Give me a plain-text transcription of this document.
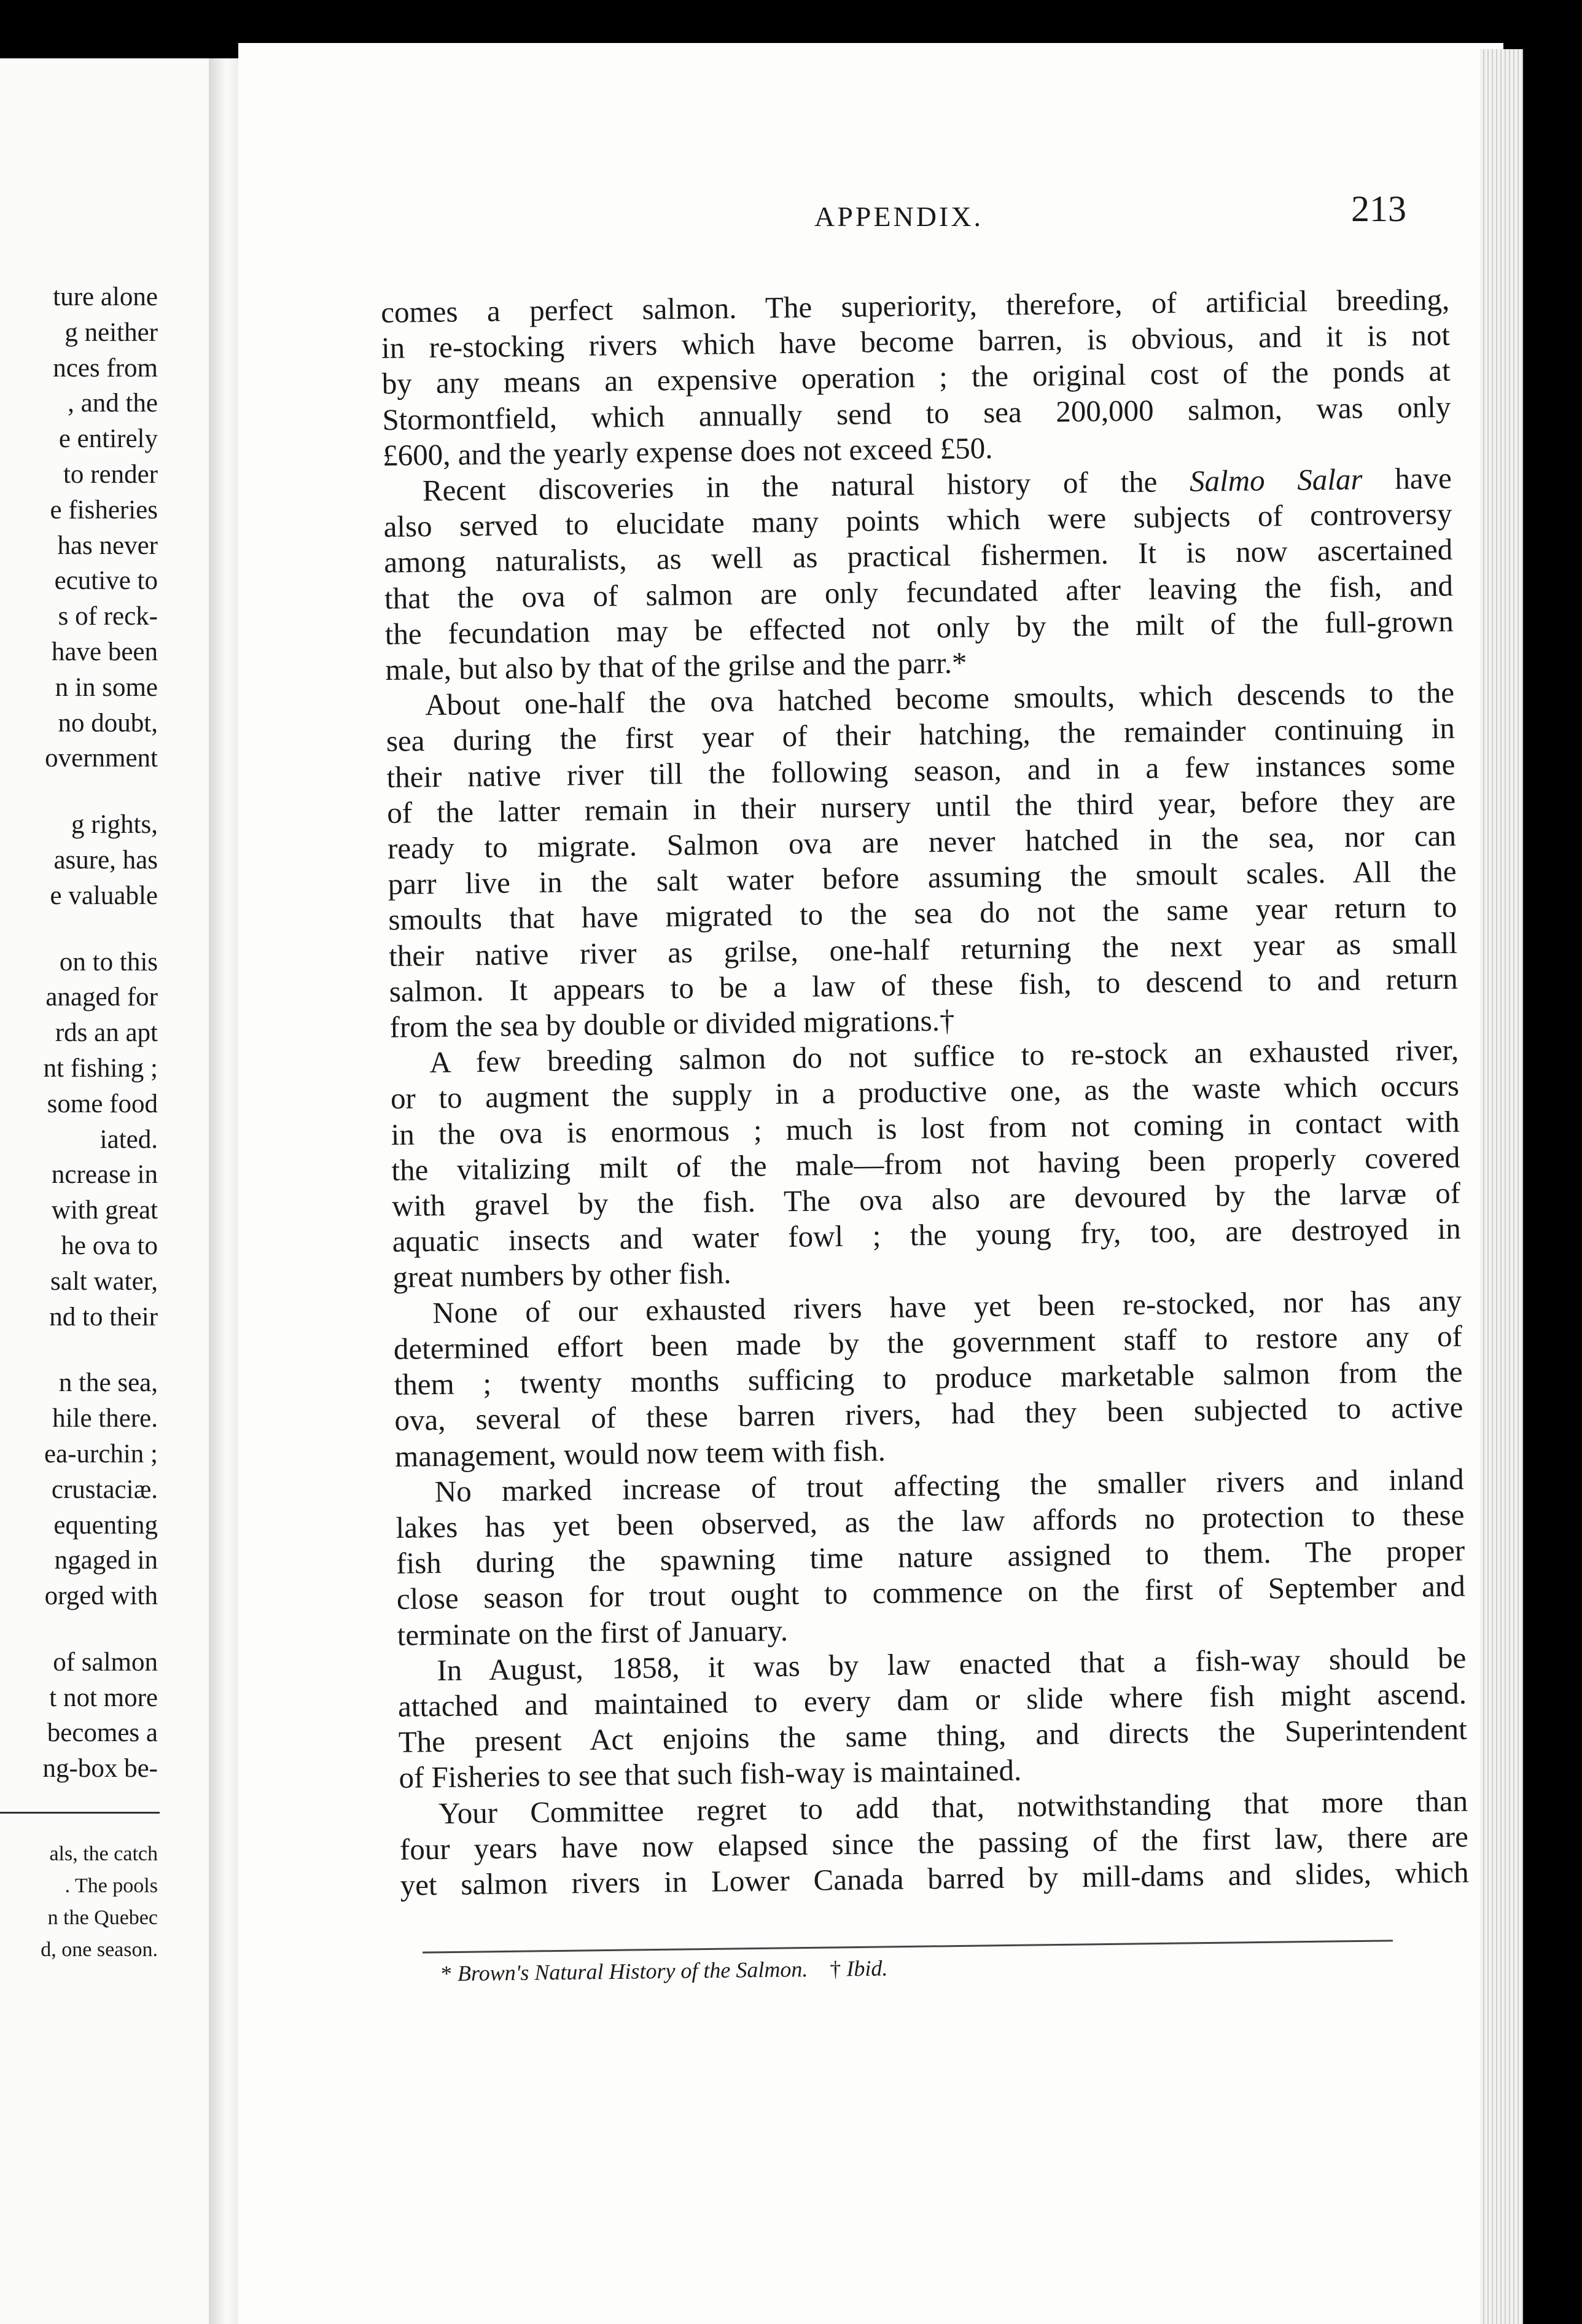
ture alone
g neither
nces from
, and the
e entirely
to render
e fisheries
has never
ecutive to
s of reck-
have been
n in some
no doubt,
overnment

g rights,
asure, has
e valuable

on to this
anaged for
rds an apt
nt fishing ;
some food
iated.
ncrease in
with great
he ova to
salt water,
nd to their

n the sea,
hile there.
ea-urchin ;
crustaciæ.
equenting
ngaged in
orged with

of salmon
t not more
becomes a
ng-box be-
als, the catch
. The pools
n the Quebec
d, one season.
APPENDIX.	213
comes a perfect salmon. The superiority, therefore, of artificial breeding,
in re-stocking rivers which have become barren, is obvious, and it is not
by any means an expensive operation ; the original cost of the ponds at
Stormontfield, which annually send to sea 200,000 salmon, was only
£600, and the yearly expense does not exceed £50.
Recent discoveries in the natural history of the Salmo Salar have
also served to elucidate many points which were subjects of controversy
among naturalists, as well as practical fishermen. It is now ascertained
that the ova of salmon are only fecundated after leaving the fish, and
the fecundation may be effected not only by the milt of the full-grown
male, but also by that of the grilse and the parr.*
About one-half the ova hatched become smoults, which descends to the
sea during the first year of their hatching, the remainder continuing in
their native river till the following season, and in a few instances some
of the latter remain in their nursery until the third year, before they are
ready to migrate. Salmon ova are never hatched in the sea, nor can
parr live in the salt water before assuming the smoult scales. All the
smoults that have migrated to the sea do not the same year return to
their native river as grilse, one-half returning the next year as small
salmon. It appears to be a law of these fish, to descend to and return
from the sea by double or divided migrations.†
A few breeding salmon do not suffice to re-stock an exhausted river,
or to augment the supply in a productive one, as the waste which occurs
in the ova is enormous ; much is lost from not coming in contact with
the vitalizing milt of the male—from not having been properly covered
with gravel by the fish. The ova also are devoured by the larvæ of
aquatic insects and water fowl ; the young fry, too, are destroyed in
great numbers by other fish.
None of our exhausted rivers have yet been re-stocked, nor has any
determined effort been made by the government staff to restore any of
them ; twenty months sufficing to produce marketable salmon from the
ova, several of these barren rivers, had they been subjected to active
management, would now teem with fish.
No marked increase of trout affecting the smaller rivers and inland
lakes has yet been observed, as the law affords no protection to these
fish during the spawning time nature assigned to them. The proper
close season for trout ought to commence on the first of September and
terminate on the first of January.
In August, 1858, it was by law enacted that a fish-way should be
attached and maintained to every dam or slide where fish might ascend.
The present Act enjoins the same thing, and directs the Superintendent
of Fisheries to see that such fish-way is maintained.
Your Committee regret to add that, notwithstanding that more than
four years have now elapsed since the passing of the first law, there are
yet salmon rivers in Lower Canada barred by mill-dams and slides, which
* Brown's Natural History of the Salmon. † Ibid.
